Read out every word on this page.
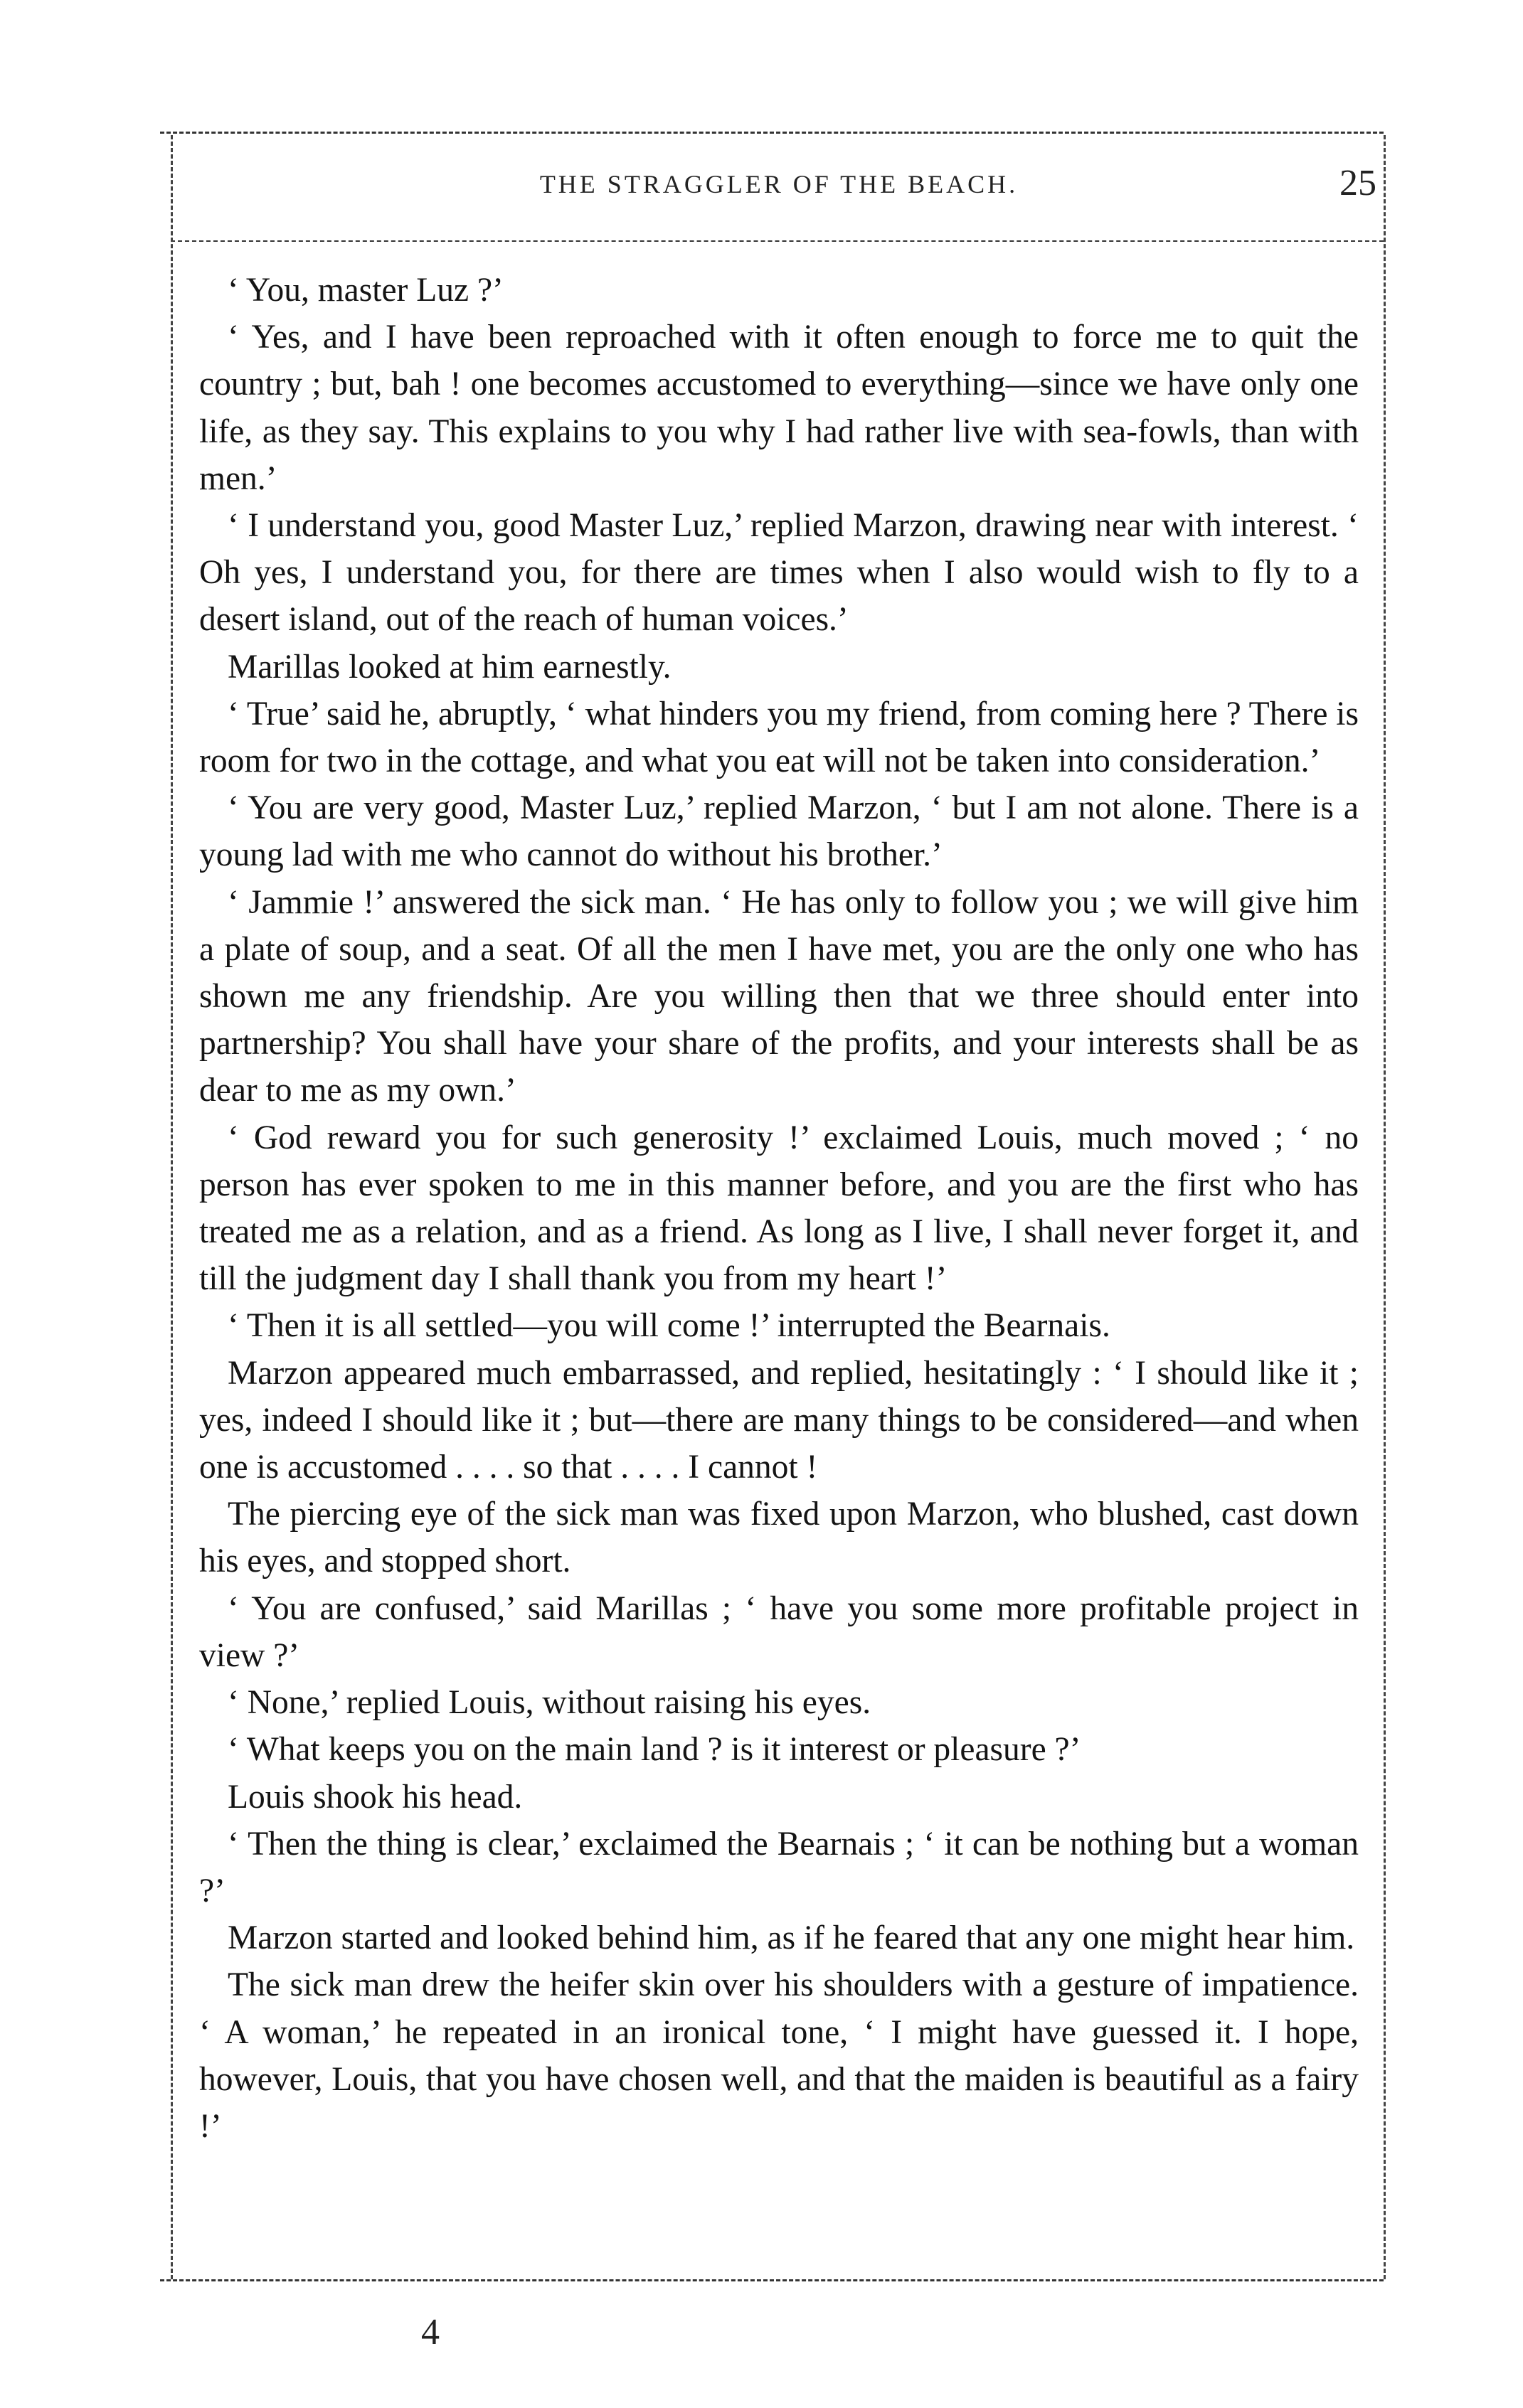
THE STRAGGLER OF THE BEACH.	25

‘ You, master Luz ?’

‘ Yes, and I have been reproached with it often enough to force me to quit the country ; but, bah ! one becomes accustomed to everything—since we have only one life, as they say. This explains to you why I had rather live with sea-fowls, than with men.’

‘ I understand you, good Master Luz,’ replied Marzon, drawing near with interest. ‘ Oh yes, I understand you, for there are times when I also would wish to fly to a desert island, out of the reach of human voices.’

Marillas looked at him earnestly.

‘ True’ said he, abruptly, ‘ what hinders you my friend, from coming here ? There is room for two in the cottage, and what you eat will not be taken into consideration.’

‘ You are very good, Master Luz,’ replied Marzon, ‘ but I am not alone. There is a young lad with me who cannot do without his brother.’

‘ Jammie !’ answered the sick man. ‘ He has only to follow you ; we will give him a plate of soup, and a seat. Of all the men I have met, you are the only one who has shown me any friendship. Are you willing then that we three should enter into partnership? You shall have your share of the profits, and your interests shall be as dear to me as my own.’

‘ God reward you for such generosity !’ exclaimed Louis, much moved ; ‘ no person has ever spoken to me in this manner before, and you are the first who has treated me as a relation, and as a friend. As long as I live, I shall never forget it, and till the judgment day I shall thank you from my heart !’

‘ Then it is all settled—you will come !’ interrupted the Bearnais.

Marzon appeared much embarrassed, and replied, hesitatingly : ‘ I should like it ; yes, indeed I should like it ; but—there are many things to be considered—and when one is accustomed . . . . so that . . . . I cannot !

The piercing eye of the sick man was fixed upon Marzon, who blushed, cast down his eyes, and stopped short.

‘ You are confused,’ said Marillas ; ‘ have you some more profitable project in view ?’

‘ None,’ replied Louis, without raising his eyes.

‘ What keeps you on the main land ? is it interest or pleasure ?’

Louis shook his head.

‘ Then the thing is clear,’ exclaimed the Bearnais ; ‘ it can be nothing but a woman ?’

Marzon started and looked behind him, as if he feared that any one might hear him.

The sick man drew the heifer skin over his shoulders with a gesture of impatience. ‘ A woman,’ he repeated in an ironical tone, ‘ I might have guessed it. I hope, however, Louis, that you have chosen well, and that the maiden is beautiful as a fairy !’

4
